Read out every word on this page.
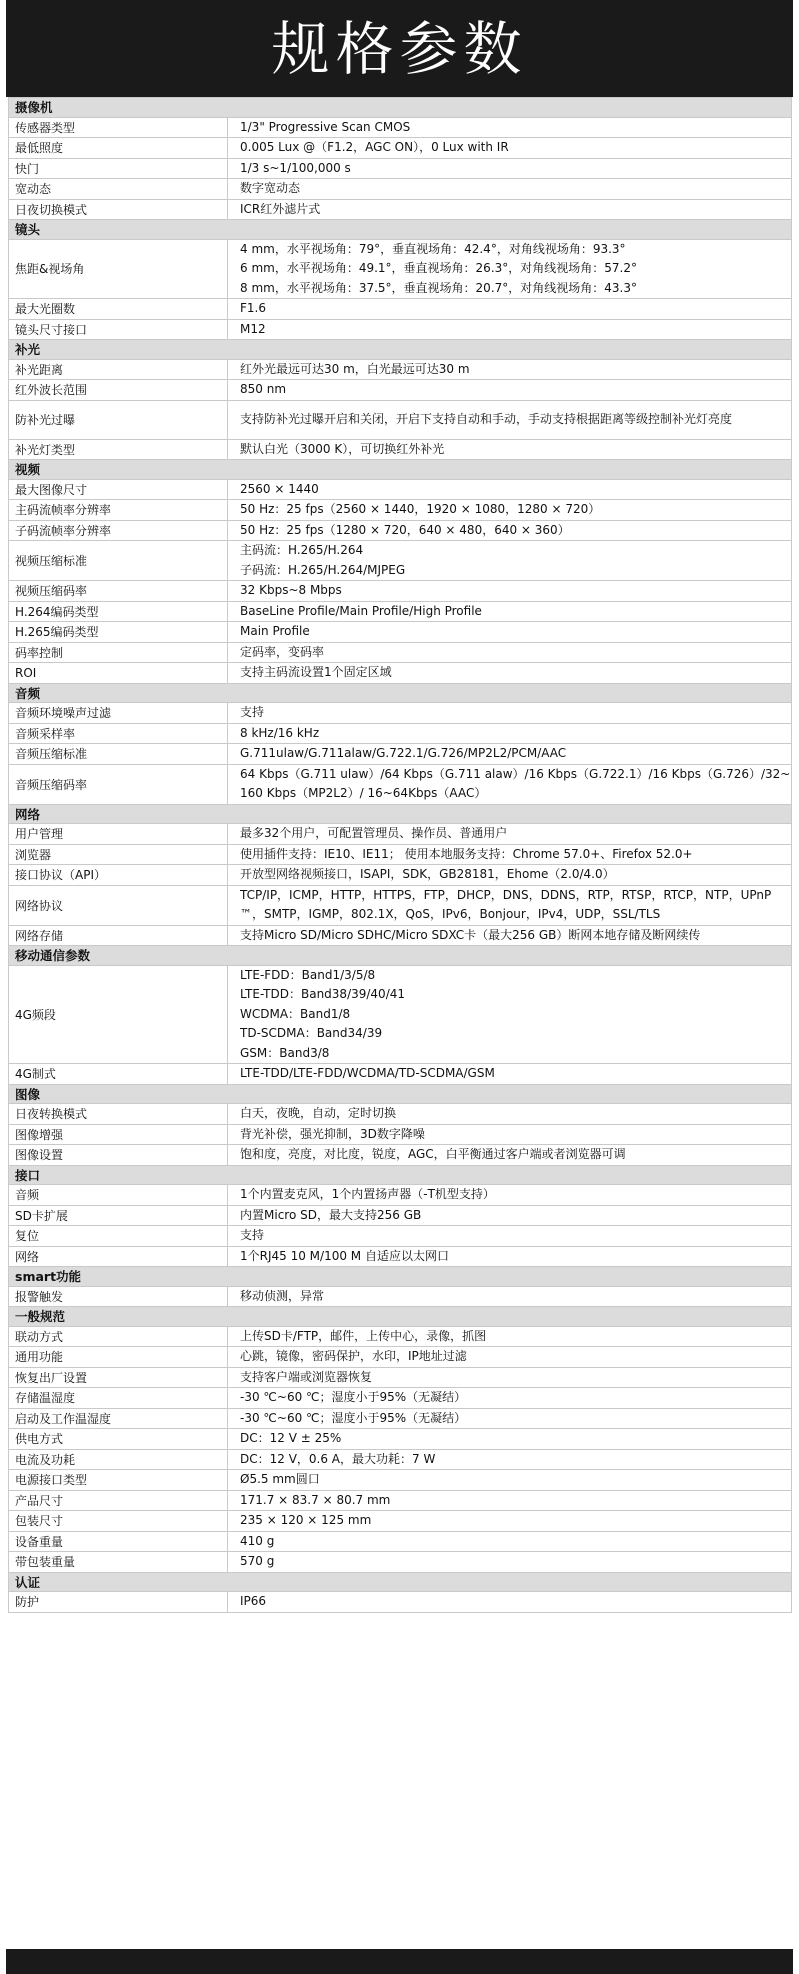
规格参数
摄像机	
传感器类型	1/3" Progressive Scan CMOS

最低照度	0.005 Lux @（F1.2，AGC ON），0 Lux with IR

快门	1/3 s~1/100,000 s

宽动态	数字宽动态

日夜切换模式	ICR红外滤片式

镜头	
焦距&视场角	4 mm，水平视场角：79°，垂直视场角：42.4°，对角线视场角：93.3°
6 mm，水平视场角：49.1°，垂直视场角：26.3°，对角线视场角：57.2°
8 mm，水平视场角：37.5°，垂直视场角：20.7°，对角线视场角：43.3°

最大光圈数	F1.6

镜头尺寸接口	M12

补光	
补光距离	红外光最远可达30 m，白光最远可达30 m

红外波长范围	850 nm

防补光过曝	支持防补光过曝开启和关闭，开启下支持自动和手动，手动支持根据距离等级控制补光灯亮度

补光灯类型	默认白光（3000 K），可切换红外补光

视频	
最大图像尺寸	2560 × 1440

主码流帧率分辨率	50 Hz：25 fps（2560 × 1440，1920 × 1080，1280 × 720）

子码流帧率分辨率	50 Hz：25 fps（1280 × 720，640 × 480，640 × 360）

视频压缩标准	主码流：H.265/H.264
子码流：H.265/H.264/MJPEG

视频压缩码率	32 Kbps~8 Mbps

H.264编码类型	BaseLine Profile/Main Profile/High Profile

H.265编码类型	Main Profile

码率控制	定码率，变码率

ROI	支持主码流设置1个固定区域

音频	
音频环境噪声过滤	支持

音频采样率	8 kHz/16 kHz

音频压缩标准	G.711ulaw/G.711alaw/G.722.1/G.726/MP2L2/PCM/AAC

音频压缩码率	64 Kbps（G.711 ulaw）/64 Kbps（G.711 alaw）/16 Kbps（G.722.1）/16 Kbps（G.726）/32~160 Kbps（MP2L2）/ 16~64Kbps（AAC）

网络	
用户管理	最多32个用户，可配置管理员、操作员、普通用户

浏览器	使用插件支持：IE10、IE11； 使用本地服务支持：Chrome 57.0+、Firefox 52.0+

接口协议（API）	开放型网络视频接口，ISAPI，SDK，GB28181，Ehome（2.0/4.0）

网络协议	TCP/IP，ICMP，HTTP，HTTPS，FTP，DHCP，DNS，DDNS，RTP，RTSP，RTCP，NTP，UPnP™，SMTP，IGMP，802.1X，QoS，IPv6，Bonjour，IPv4，UDP，SSL/TLS

网络存储	支持Micro SD/Micro SDHC/Micro SDXC卡（最大256 GB）断网本地存储及断网续传

移动通信参数	
4G频段	LTE-FDD：Band1/3/5/8
LTE-TDD：Band38/39/40/41
WCDMA：Band1/8
TD-SCDMA：Band34/39
GSM：Band3/8

4G制式	LTE-TDD/LTE-FDD/WCDMA/TD-SCDMA/GSM

图像	
日夜转换模式	白天，夜晚，自动，定时切换

图像增强	背光补偿，强光抑制，3D数字降噪

图像设置	饱和度，亮度，对比度，锐度，AGC，白平衡通过客户端或者浏览器可调

接口	
音频	1个内置麦克风，1个内置扬声器（-T机型支持）

SD卡扩展	内置Micro SD，最大支持256 GB

复位	支持

网络	1个RJ45 10 M/100 M 自适应以太网口

smart功能	
报警触发	移动侦测，异常

一般规范	
联动方式	上传SD卡/FTP，邮件，上传中心，录像，抓图

通用功能	心跳，镜像，密码保护，水印，IP地址过滤

恢复出厂设置	支持客户端或浏览器恢复

存储温湿度	-30 ℃~60 ℃；湿度小于95%（无凝结）

启动及工作温湿度	-30 ℃~60 ℃；湿度小于95%（无凝结）

供电方式	DC：12 V ± 25%

电流及功耗	DC：12 V，0.6 A，最大功耗：7 W

电源接口类型	Ø5.5 mm圆口

产品尺寸	171.7 × 83.7 × 80.7 mm

包装尺寸	235 × 120 × 125 mm

设备重量	410 g

带包装重量	570 g

认证	
防护	IP66
